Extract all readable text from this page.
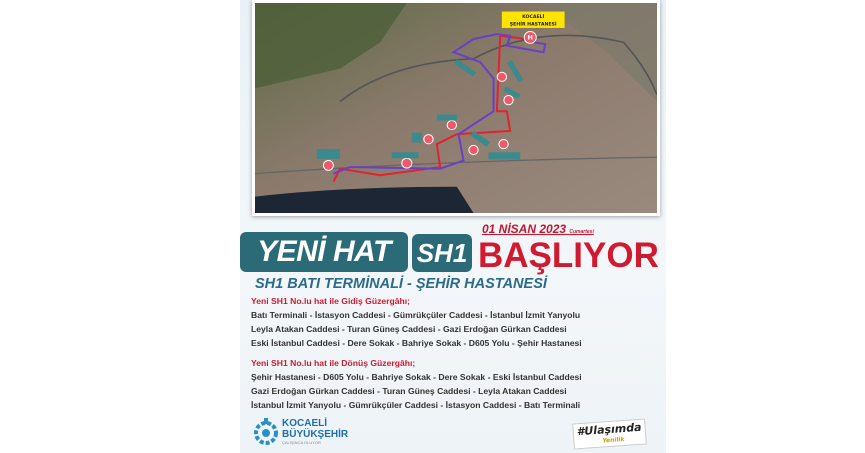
H
KOCAELİ
ŞEHİR HASTANESİ
YENİ HAT SH1
01 NİSAN 2023 Cumartesi
BAŞLIYOR
SH1 BATI TERMİNALİ - ŞEHİR HASTANESİ
Yeni SH1 No.lu hat ile Gidiş Güzergâhı;
Batı Terminali - İstasyon Caddesi - Gümrükçüler Caddesi - İstanbul İzmit Yanyolu
Leyla Atakan Caddesi - Turan Güneş Caddesi - Gazi Erdoğan Gürkan Caddesi
Eski İstanbul Caddesi - Dere Sokak - Bahriye Sokak - D605 Yolu - Şehir Hastanesi
Yeni SH1 No.lu hat ile Dönüş Güzergâhı;
Şehir Hastanesi - D605 Yolu - Bahriye Sokak - Dere Sokak - Eski İstanbul Caddesi
Gazi Erdoğan Gürkan Caddesi - Turan Güneş Caddesi - Leyla Atakan Caddesi
İstanbul İzmit Yanyolu - Gümrükçüler Caddesi - İstasyon Caddesi - Batı Terminali
KOCAELİ
BÜYÜKŞEHİR
ÇALIŞINCA OLUYOR
#Ulaşımda
Yenilik
